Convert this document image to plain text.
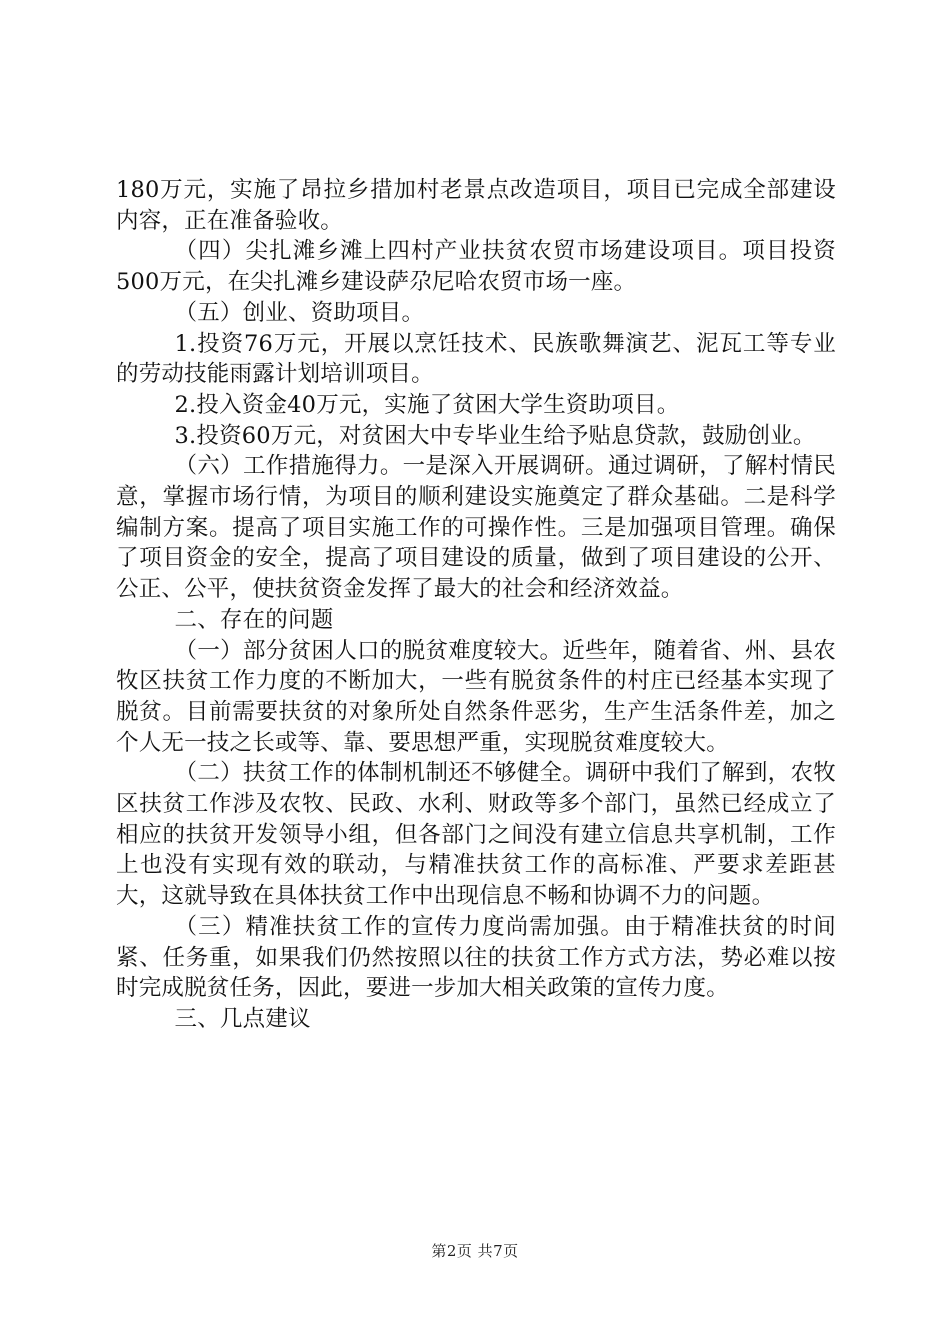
180万元，实施了昂拉乡措加村老景点改造项目，项目已完成全部建设内容，正在准备验收。

（四）尖扎滩乡滩上四村产业扶贫农贸市场建设项目。项目投资500万元，在尖扎滩乡建设萨尕尼哈农贸市场一座。

（五）创业、资助项目。

1.投资76万元，开展以烹饪技术、民族歌舞演艺、泥瓦工等专业的劳动技能雨露计划培训项目。

2.投入资金40万元，实施了贫困大学生资助项目。

3.投资60万元，对贫困大中专毕业生给予贴息贷款，鼓励创业。

（六）工作措施得力。一是深入开展调研。通过调研，了解村情民意，掌握市场行情，为项目的顺利建设实施奠定了群众基础。二是科学编制方案。提高了项目实施工作的可操作性。三是加强项目管理。确保了项目资金的安全，提高了项目建设的质量，做到了项目建设的公开、公正、公平，使扶贫资金发挥了最大的社会和经济效益。

二、存在的问题

（一）部分贫困人口的脱贫难度较大。近些年，随着省、州、县农牧区扶贫工作力度的不断加大，一些有脱贫条件的村庄已经基本实现了脱贫。目前需要扶贫的对象所处自然条件恶劣，生产生活条件差，加之个人无一技之长或等、靠、要思想严重，实现脱贫难度较大。

（二）扶贫工作的体制机制还不够健全。调研中我们了解到，农牧区扶贫工作涉及农牧、民政、水利、财政等多个部门，虽然已经成立了相应的扶贫开发领导小组，但各部门之间没有建立信息共享机制，工作上也没有实现有效的联动，与精准扶贫工作的高标准、严要求差距甚大，这就导致在具体扶贫工作中出现信息不畅和协调不力的问题。

（三）精准扶贫工作的宣传力度尚需加强。由于精准扶贫的时间紧、任务重，如果我们仍然按照以往的扶贫工作方式方法，势必难以按时完成脱贫任务，因此，要进一步加大相关政策的宣传力度。

三、几点建议

第2页 共7页
